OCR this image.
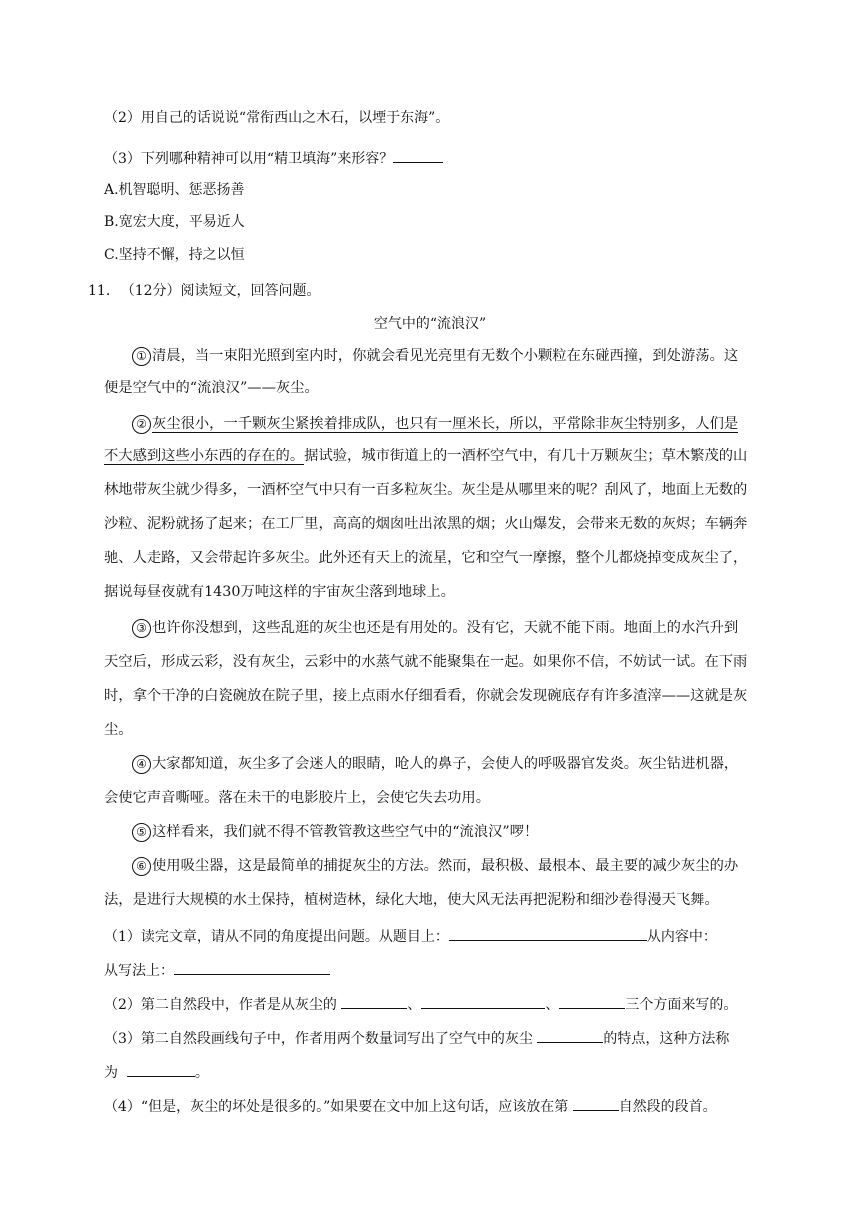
（2）用自己的话说说“常衔西山之木石，以堙于东海”。
（3）下列哪种精神可以用“精卫填海”来形容？
A.机智聪明、惩恶扬善
B.宽宏大度，平易近人
C.坚持不懈，持之以恒
11. （12分）阅读短文，回答问题。
空气中的“流浪汉”
① 清晨，当一束阳光照到室内时，你就会看见光亮里有无数个小颗粒在东碰西撞，到处游荡。这
便是空气中的“流浪汉”——灰尘。
② 灰尘很小，一千颗灰尘紧挨着排成队，也只有一厘米长，所以，平常除非灰尘特别多，人们是
不大感到这些小东西的存在的。据试验，城市街道上的一酒杯空气中，有几十万颗灰尘；草木繁茂的山
林地带灰尘就少得多，一酒杯空气中只有一百多粒灰尘。灰尘是从哪里来的呢？刮风了，地面上无数的
沙粒、泥粉就扬了起来；在工厂里，高高的烟囱吐出浓黑的烟；火山爆发，会带来无数的灰烬；车辆奔
驰、人走路，又会带起许多灰尘。此外还有天上的流星，它和空气一摩擦，整个儿都烧掉变成灰尘了，
据说每昼夜就有1430万吨这样的宇宙灰尘落到地球上。
③ 也许你没想到，这些乱逛的灰尘也还是有用处的。没有它，天就不能下雨。地面上的水汽升到
天空后，形成云彩，没有灰尘，云彩中的水蒸气就不能聚集在一起。如果你不信，不妨试一试。在下雨
时，拿个干净的白瓷碗放在院子里，接上点雨水仔细看看，你就会发现碗底存有许多渣滓——这就是灰
尘。
④ 大家都知道，灰尘多了会迷人的眼睛，呛人的鼻子，会使人的呼吸器官发炎。灰尘钻进机器，
会使它声音嘶哑。落在未干的电影胶片上，会使它失去功用。
⑤ 这样看来，我们就不得不管教管教这些空气中的“流浪汉”啰！
⑥ 使用吸尘器，这是最简单的捕捉灰尘的方法。然而，最积极、最根本、最主要的减少灰尘的办
法，是进行大规模的水土保持，植树造林，绿化大地，使大风无法再把泥粉和细沙卷得漫天飞舞。
（1）读完文章，请从不同的角度提出问题。从题目上：	从内容中：
从写法上：
（2）第二自然段中，作者是从灰尘的	、	、	三个方面来写的。
（3）第二自然段画线句子中，作者用两个数量词写出了空气中的灰尘	的特点，这种方法称
为	。
（4）“但是，灰尘的坏处是很多的。”如果要在文中加上这句话，应该放在第	自然段的段首。
